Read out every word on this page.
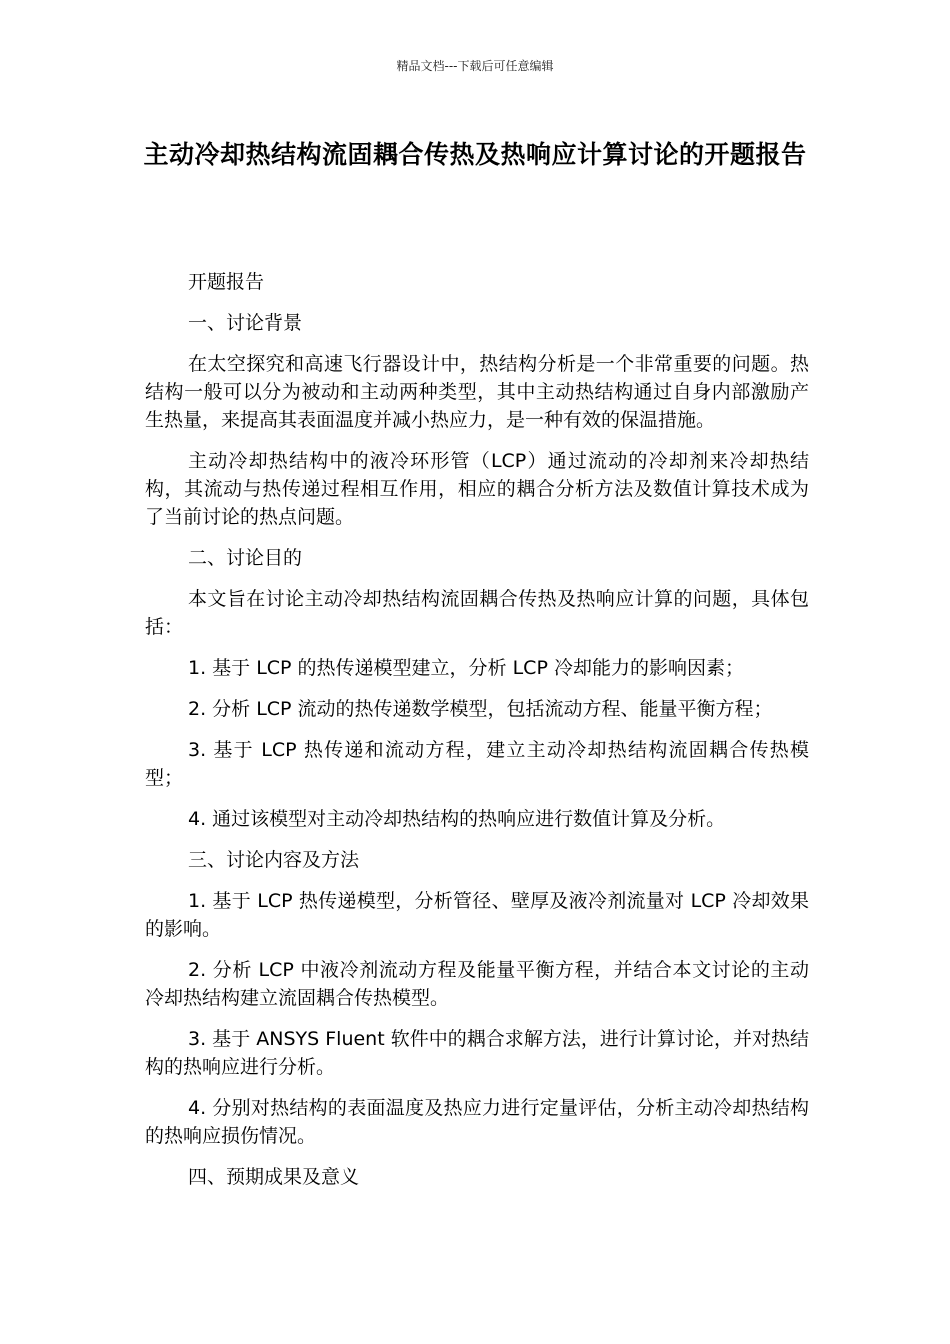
精品文档---下载后可任意编辑
主动冷却热结构流固耦合传热及热响应计算讨论的开题报告

开题报告

一、讨论背景

在太空探究和高速飞行器设计中，热结构分析是一个非常重要的问题。热结构一般可以分为被动和主动两种类型，其中主动热结构通过自身内部激励产生热量，来提高其表面温度并减小热应力，是一种有效的保温措施。

主动冷却热结构中的液冷环形管（LCP）通过流动的冷却剂来冷却热结构，其流动与热传递过程相互作用，相应的耦合分析方法及数值计算技术成为了当前讨论的热点问题。

二、讨论目的

本文旨在讨论主动冷却热结构流固耦合传热及热响应计算的问题，具体包括：

1. 基于 LCP 的热传递模型建立，分析 LCP 冷却能力的影响因素；

2. 分析 LCP 流动的热传递数学模型，包括流动方程、能量平衡方程；

3. 基于 LCP 热传递和流动方程，建立主动冷却热结构流固耦合传热模型；

4. 通过该模型对主动冷却热结构的热响应进行数值计算及分析。

三、讨论内容及方法

1. 基于 LCP 热传递模型，分析管径、壁厚及液冷剂流量对 LCP 冷却效果的影响。

2. 分析 LCP 中液冷剂流动方程及能量平衡方程，并结合本文讨论的主动冷却热结构建立流固耦合传热模型。

3. 基于 ANSYS Fluent 软件中的耦合求解方法，进行计算讨论，并对热结构的热响应进行分析。

4. 分别对热结构的表面温度及热应力进行定量评估，分析主动冷却热结构的热响应损伤情况。

四、预期成果及意义
